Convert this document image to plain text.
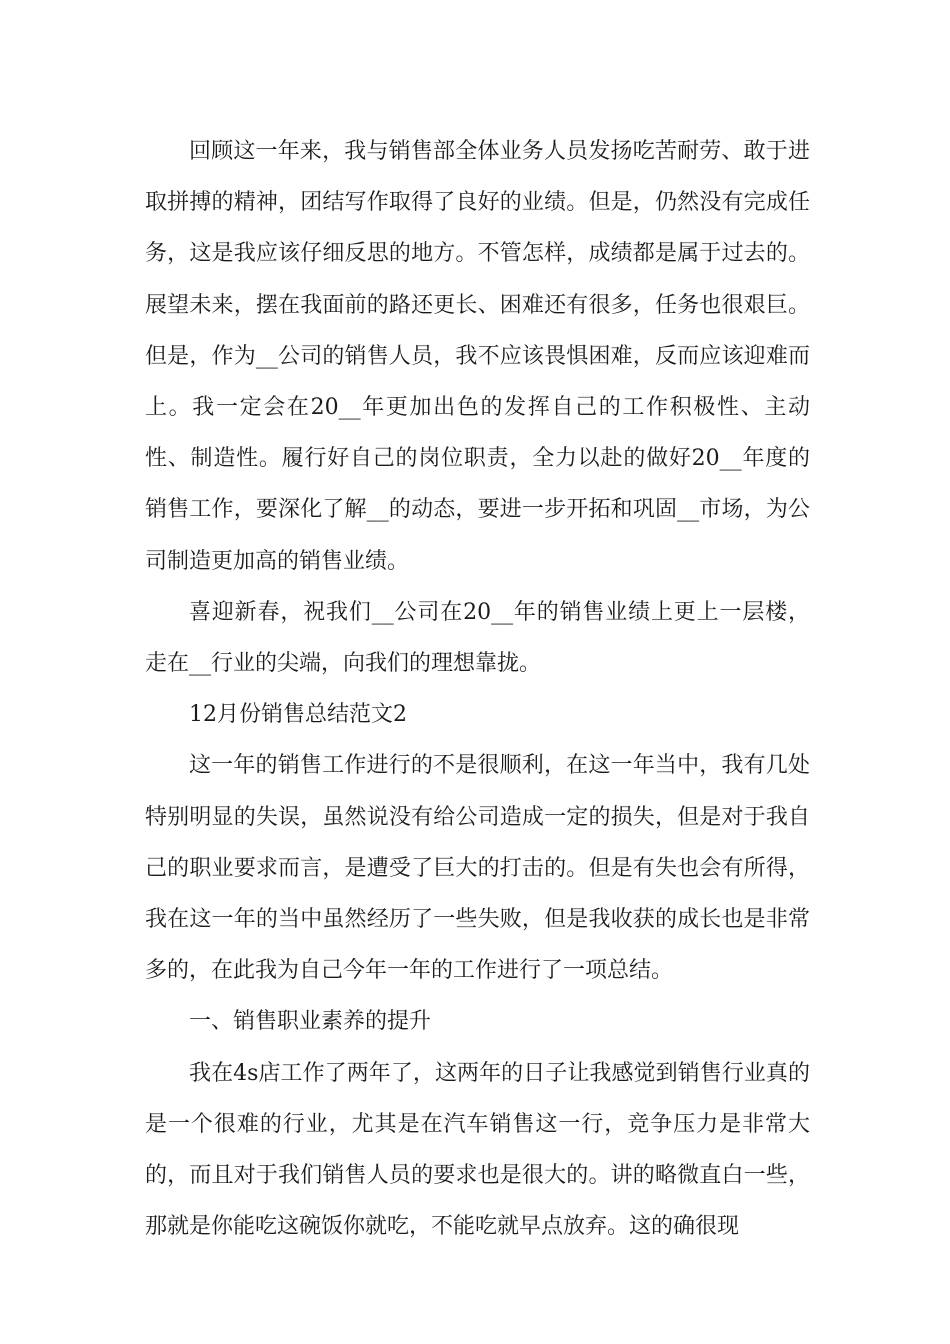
回顾这一年来，我与销售部全体业务人员发扬吃苦耐劳、敢于进取拼搏的精神，团结写作取得了良好的业绩。但是，仍然没有完成任务，这是我应该仔细反思的地方。不管怎样，成绩都是属于过去的。展望未来，摆在我面前的路还更长、困难还有很多，任务也很艰巨。但是，作为__公司的销售人员，我不应该畏惧困难，反而应该迎难而上。我一定会在20__年更加出色的发挥自己的工作积极性、主动性、制造性。履行好自己的岗位职责，全力以赴的做好20__年度的销售工作，要深化了解__的动态，要进一步开拓和巩固__市场，为公司制造更加高的销售业绩。

喜迎新春，祝我们__公司在20__年的销售业绩上更上一层楼，走在__行业的尖端，向我们的理想靠拢。

12月份销售总结范文2

这一年的销售工作进行的不是很顺利，在这一年当中，我有几处特别明显的失误，虽然说没有给公司造成一定的损失，但是对于我自己的职业要求而言，是遭受了巨大的打击的。但是有失也会有所得，我在这一年的当中虽然经历了一些失败，但是我收获的成长也是非常多的，在此我为自己今年一年的工作进行了一项总结。

一、销售职业素养的提升

我在4s店工作了两年了，这两年的日子让我感觉到销售行业真的是一个很难的行业，尤其是在汽车销售这一行，竞争压力是非常大的，而且对于我们销售人员的要求也是很大的。讲的略微直白一些，那就是你能吃这碗饭你就吃，不能吃就早点放弃。这的确很现
